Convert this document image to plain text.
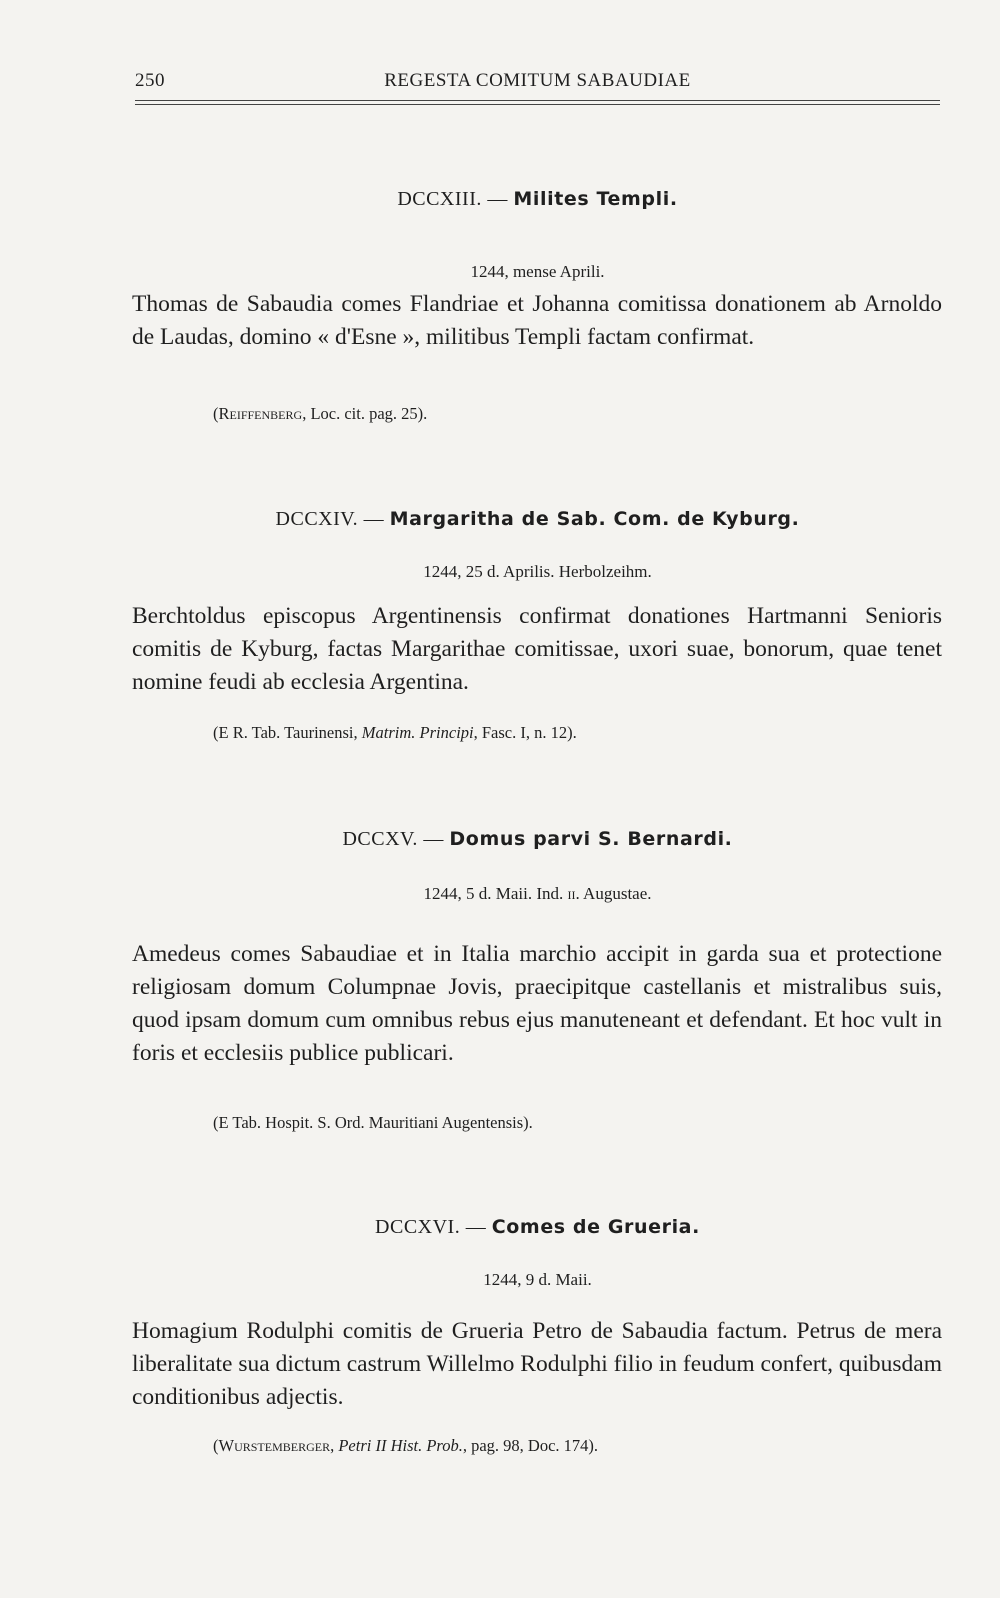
250	REGESTA COMITUM SABAUDIAE
DCCXIII. — Milites Templi.
1244, mense Aprili.

Thomas de Sabaudia comes Flandriae et Johanna comitissa donationem ab Arnoldo de Laudas, domino « d'Esne », militibus Templi factam confirmat.

(Reiffenberg, Loc. cit. pag. 25).
DCCXIV. — Margaritha de Sab. Com. de Kyburg.
1244, 25 d. Aprilis. Herbolzeihm.

Berchtoldus episcopus Argentinensis confirmat donationes Hartmanni Senioris comitis de Kyburg, factas Margarithae comitissae, uxori suae, bonorum, quae tenet nomine feudi ab ecclesia Argentina.

(E R. Tab. Taurinensi, Matrim. Principi, Fasc. I, n. 12).
DCCXV. — Domus parvi S. Bernardi.
1244, 5 d. Maii. Ind. ii. Augustae.

Amedeus comes Sabaudiae et in Italia marchio accipit in garda sua et protectione religiosam domum Columpnae Jovis, praecipitque castellanis et mistralibus suis, quod ipsam domum cum omnibus rebus ejus manuteneant et defendant. Et hoc vult in foris et ecclesiis publice publicari.

(E Tab. Hospit. S. Ord. Mauritiani Augentensis).
DCCXVI. — Comes de Grueria.
1244, 9 d. Maii.

Homagium Rodulphi comitis de Grueria Petro de Sabaudia factum. Petrus de mera liberalitate sua dictum castrum Willelmo Rodulphi filio in feudum confert, quibusdam conditionibus adjectis.

(Wurstemberger, Petri II Hist. Prob., pag. 98, Doc. 174).
